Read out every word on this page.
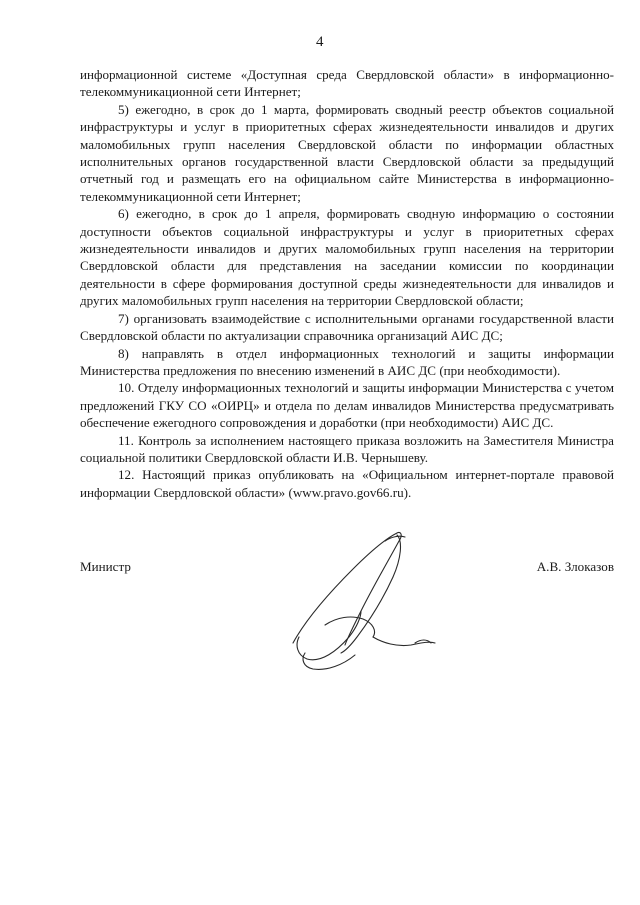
4

информационной системе «Доступная среда Свердловской области» в информационно-телекоммуникационной сети Интернет;

5) ежегодно, в срок до 1 марта, формировать сводный реестр объектов социальной инфраструктуры и услуг в приоритетных сферах жизнедеятельности инвалидов и других маломобильных групп населения Свердловской области по информации областных исполнительных органов государственной власти Свердловской области за предыдущий отчетный год и размещать его на официальном сайте Министерства в информационно-телекоммуникационной сети Интернет;

6) ежегодно, в срок до 1 апреля, формировать сводную информацию о состоянии доступности объектов социальной инфраструктуры и услуг в приоритетных сферах жизнедеятельности инвалидов и других маломобильных групп населения на территории Свердловской области для представления на заседании комиссии по координации деятельности в сфере формирования доступной среды жизнедеятельности для инвалидов и других маломобильных групп населения на территории Свердловской области;

7) организовать взаимодействие с исполнительными органами государственной власти Свердловской области по актуализации справочника организаций АИС ДС;

8) направлять в отдел информационных технологий и защиты информации Министерства предложения по внесению изменений в АИС ДС (при необходимости).

10. Отделу информационных технологий и защиты информации Министерства с учетом предложений ГКУ СО «ОИРЦ» и отдела по делам инвалидов Министерства предусматривать обеспечение ежегодного сопровождения и доработки (при необходимости) АИС ДС.

11. Контроль за исполнением настоящего приказа возложить на Заместителя Министра социальной политики Свердловской области И.В. Чернышеву.

12. Настоящий приказ опубликовать на «Официальном интернет-портале правовой информации Свердловской области» (www.pravo.gov66.ru).

Министр	А.В. Злоказов
